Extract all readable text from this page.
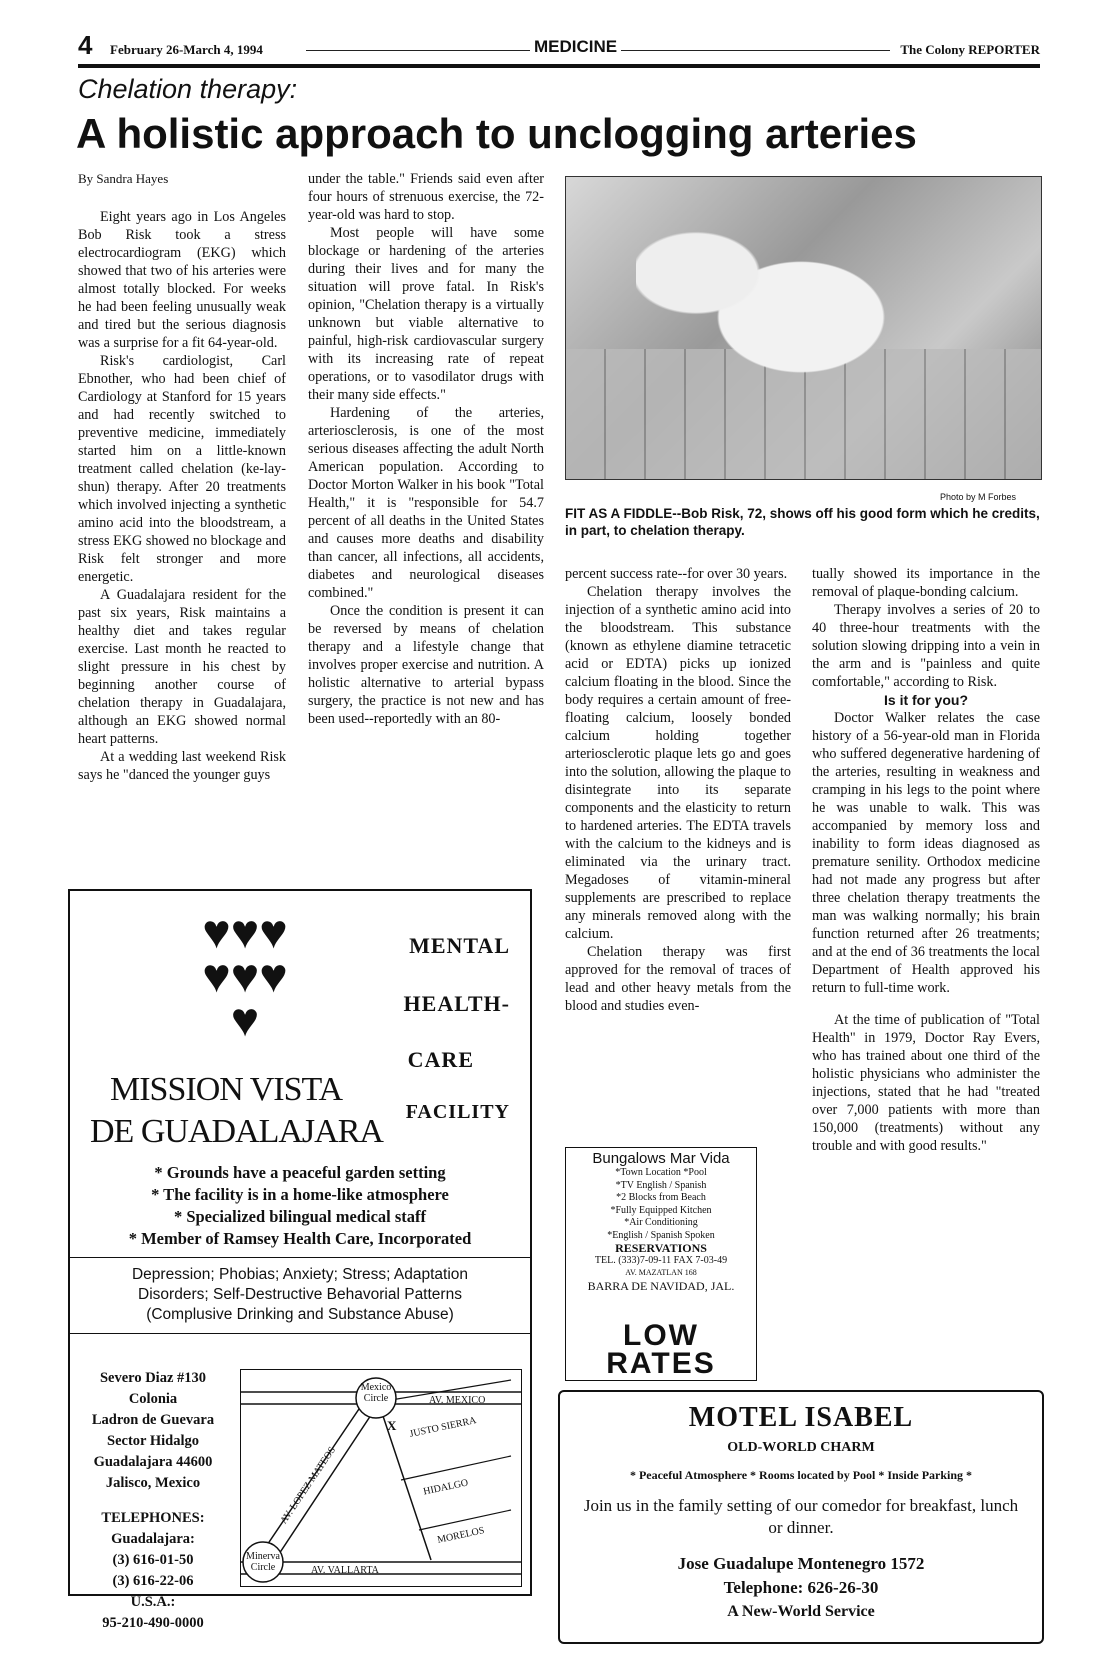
4 February 26-March 4, 1994	MEDICINE	The Colony REPORTER
Chelation therapy:
A holistic approach to unclogging arteries
By Sandra Hayes

Eight years ago in Los Angeles Bob Risk took a stress electrocardiogram (EKG) which showed that two of his arteries were almost totally blocked. For weeks he had been feeling unusually weak and tired but the serious diagnosis was a surprise for a fit 64-year-old.

Risk's cardiologist, Carl Ebnother, who had been chief of Cardiology at Stanford for 15 years and had recently switched to preventive medicine, immediately started him on a little-known treatment called chelation (ke-lay-shun) therapy. After 20 treatments which involved injecting a synthetic amino acid into the bloodstream, a stress EKG showed no blockage and Risk felt stronger and more energetic.

A Guadalajara resident for the past six years, Risk maintains a healthy diet and takes regular exercise. Last month he reacted to slight pressure in his chest by beginning another course of chelation therapy in Guadalajara, although an EKG showed normal heart patterns.

At a wedding last weekend Risk says he "danced the younger guys

under the table." Friends said even after four hours of strenuous exercise, the 72-year-old was hard to stop.

Most people will have some blockage or hardening of the arteries during their lives and for many the situation will prove fatal. In Risk's opinion, "Chelation therapy is a virtually unknown but viable alternative to painful, high-risk cardiovascular surgery with its increasing rate of repeat operations, or to vasodilator drugs with their many side effects."

Hardening of the arteries, arteriosclerosis, is one of the most serious diseases affecting the adult North American population. According to Doctor Morton Walker in his book "Total Health," it is "responsible for 54.7 percent of all deaths in the United States and causes more deaths and disability than cancer, all infections, all accidents, diabetes and neurological diseases combined."

Once the condition is present it can be reversed by means of chelation therapy and a lifestyle change that involves proper exercise and nutrition. A holistic alternative to arterial bypass surgery, the practice is not new and has been used--reportedly with an 80-

Photo by M Forbes
FIT AS A FIDDLE--Bob Risk, 72, shows off his good form which he credits, in part, to chelation therapy.

percent success rate--for over 30 years.

Chelation therapy involves the injection of a synthetic amino acid into the bloodstream. This substance (known as ethylene diamine tetracetic acid or EDTA) picks up ionized calcium floating in the blood. Since the body requires a certain amount of free-floating calcium, loosely bonded calcium holding together arteriosclerotic plaque lets go and goes into the solution, allowing the plaque to disintegrate into its separate components and the elasticity to return to hardened arteries. The EDTA travels with the calcium to the kidneys and is eliminated via the urinary tract. Megadoses of vitamin-mineral supplements are prescribed to replace any minerals removed along with the calcium.

Chelation therapy was first approved for the removal of traces of lead and other heavy metals from the blood and studies even-

tually showed its importance in the removal of plaque-bonding calcium.

Therapy involves a series of 20 to 40 three-hour treatments with the solution slowing dripping into a vein in the arm and is "painless and quite comfortable," according to Risk.

Is it for you?

Doctor Walker relates the case history of a 56-year-old man in Florida who suffered degenerative hardening of the arteries, resulting in weakness and cramping in his legs to the point where he was unable to walk. This was accompanied by memory loss and inability to form ideas diagnosed as premature senility. Orthodox medicine had not made any progress but after three chelation therapy treatments the man was walking normally; his brain function returned after 26 treatments; and at the end of 36 treatments the local Department of Health approved his return to full-time work.

At the time of publication of "Total Health" in 1979, Doctor Ray Evers, who has trained about one third of the holistic physicians who administer the injections, stated that he had "treated over 7,000 patients with more than 150,000 (treatments) without any trouble and with good results."

♥♥♥
♥♥♥
♥
MENTAL
HEALTH-
CARE
FACILITY
MISSION VISTA
DE GUADALAJARA
* Grounds have a peaceful garden setting
* The facility is in a home-like atmosphere
* Specialized bilingual medical staff
* Member of Ramsey Health Care, Incorporated
Depression; Phobias; Anxiety; Stress; Adaptation
Disorders; Self-Destructive Behavorial Patterns
(Complusive Drinking and Substance Abuse)
Severo Diaz #130
Colonia
Ladron de Guevara
Sector Hidalgo
Guadalajara 44600
Jalisco, Mexico
TELEPHONES:
Guadalajara:
(3) 616-01-50
(3) 616-22-06
U.S.A.:
95-210-490-0000
Mexico Circle
Minerva Circle
AV. MEXICO
AV. VALLARTA
AV. LOPEZ MATEOS
JUSTO SIERRA
HIDALGO
MORELOS
X
Bungalows Mar Vida
*Town Location *Pool
*TV English / Spanish
*2 Blocks from Beach
*Fully Equipped Kitchen
*Air Conditioning
*English / Spanish Spoken
RESERVATIONS
TEL. (333)7-09-11 FAX 7-03-49
AV. MAZATLAN 168
BARRA DE NAVIDAD, JAL.
LOW
RATES
MOTEL ISABEL
OLD-WORLD CHARM
* Peaceful Atmosphere * Rooms located by Pool * Inside Parking *
Join us in the family setting of our comedor for breakfast, lunch or dinner.
Jose Guadalupe Montenegro 1572
Telephone: 626-26-30
A New-World Service
